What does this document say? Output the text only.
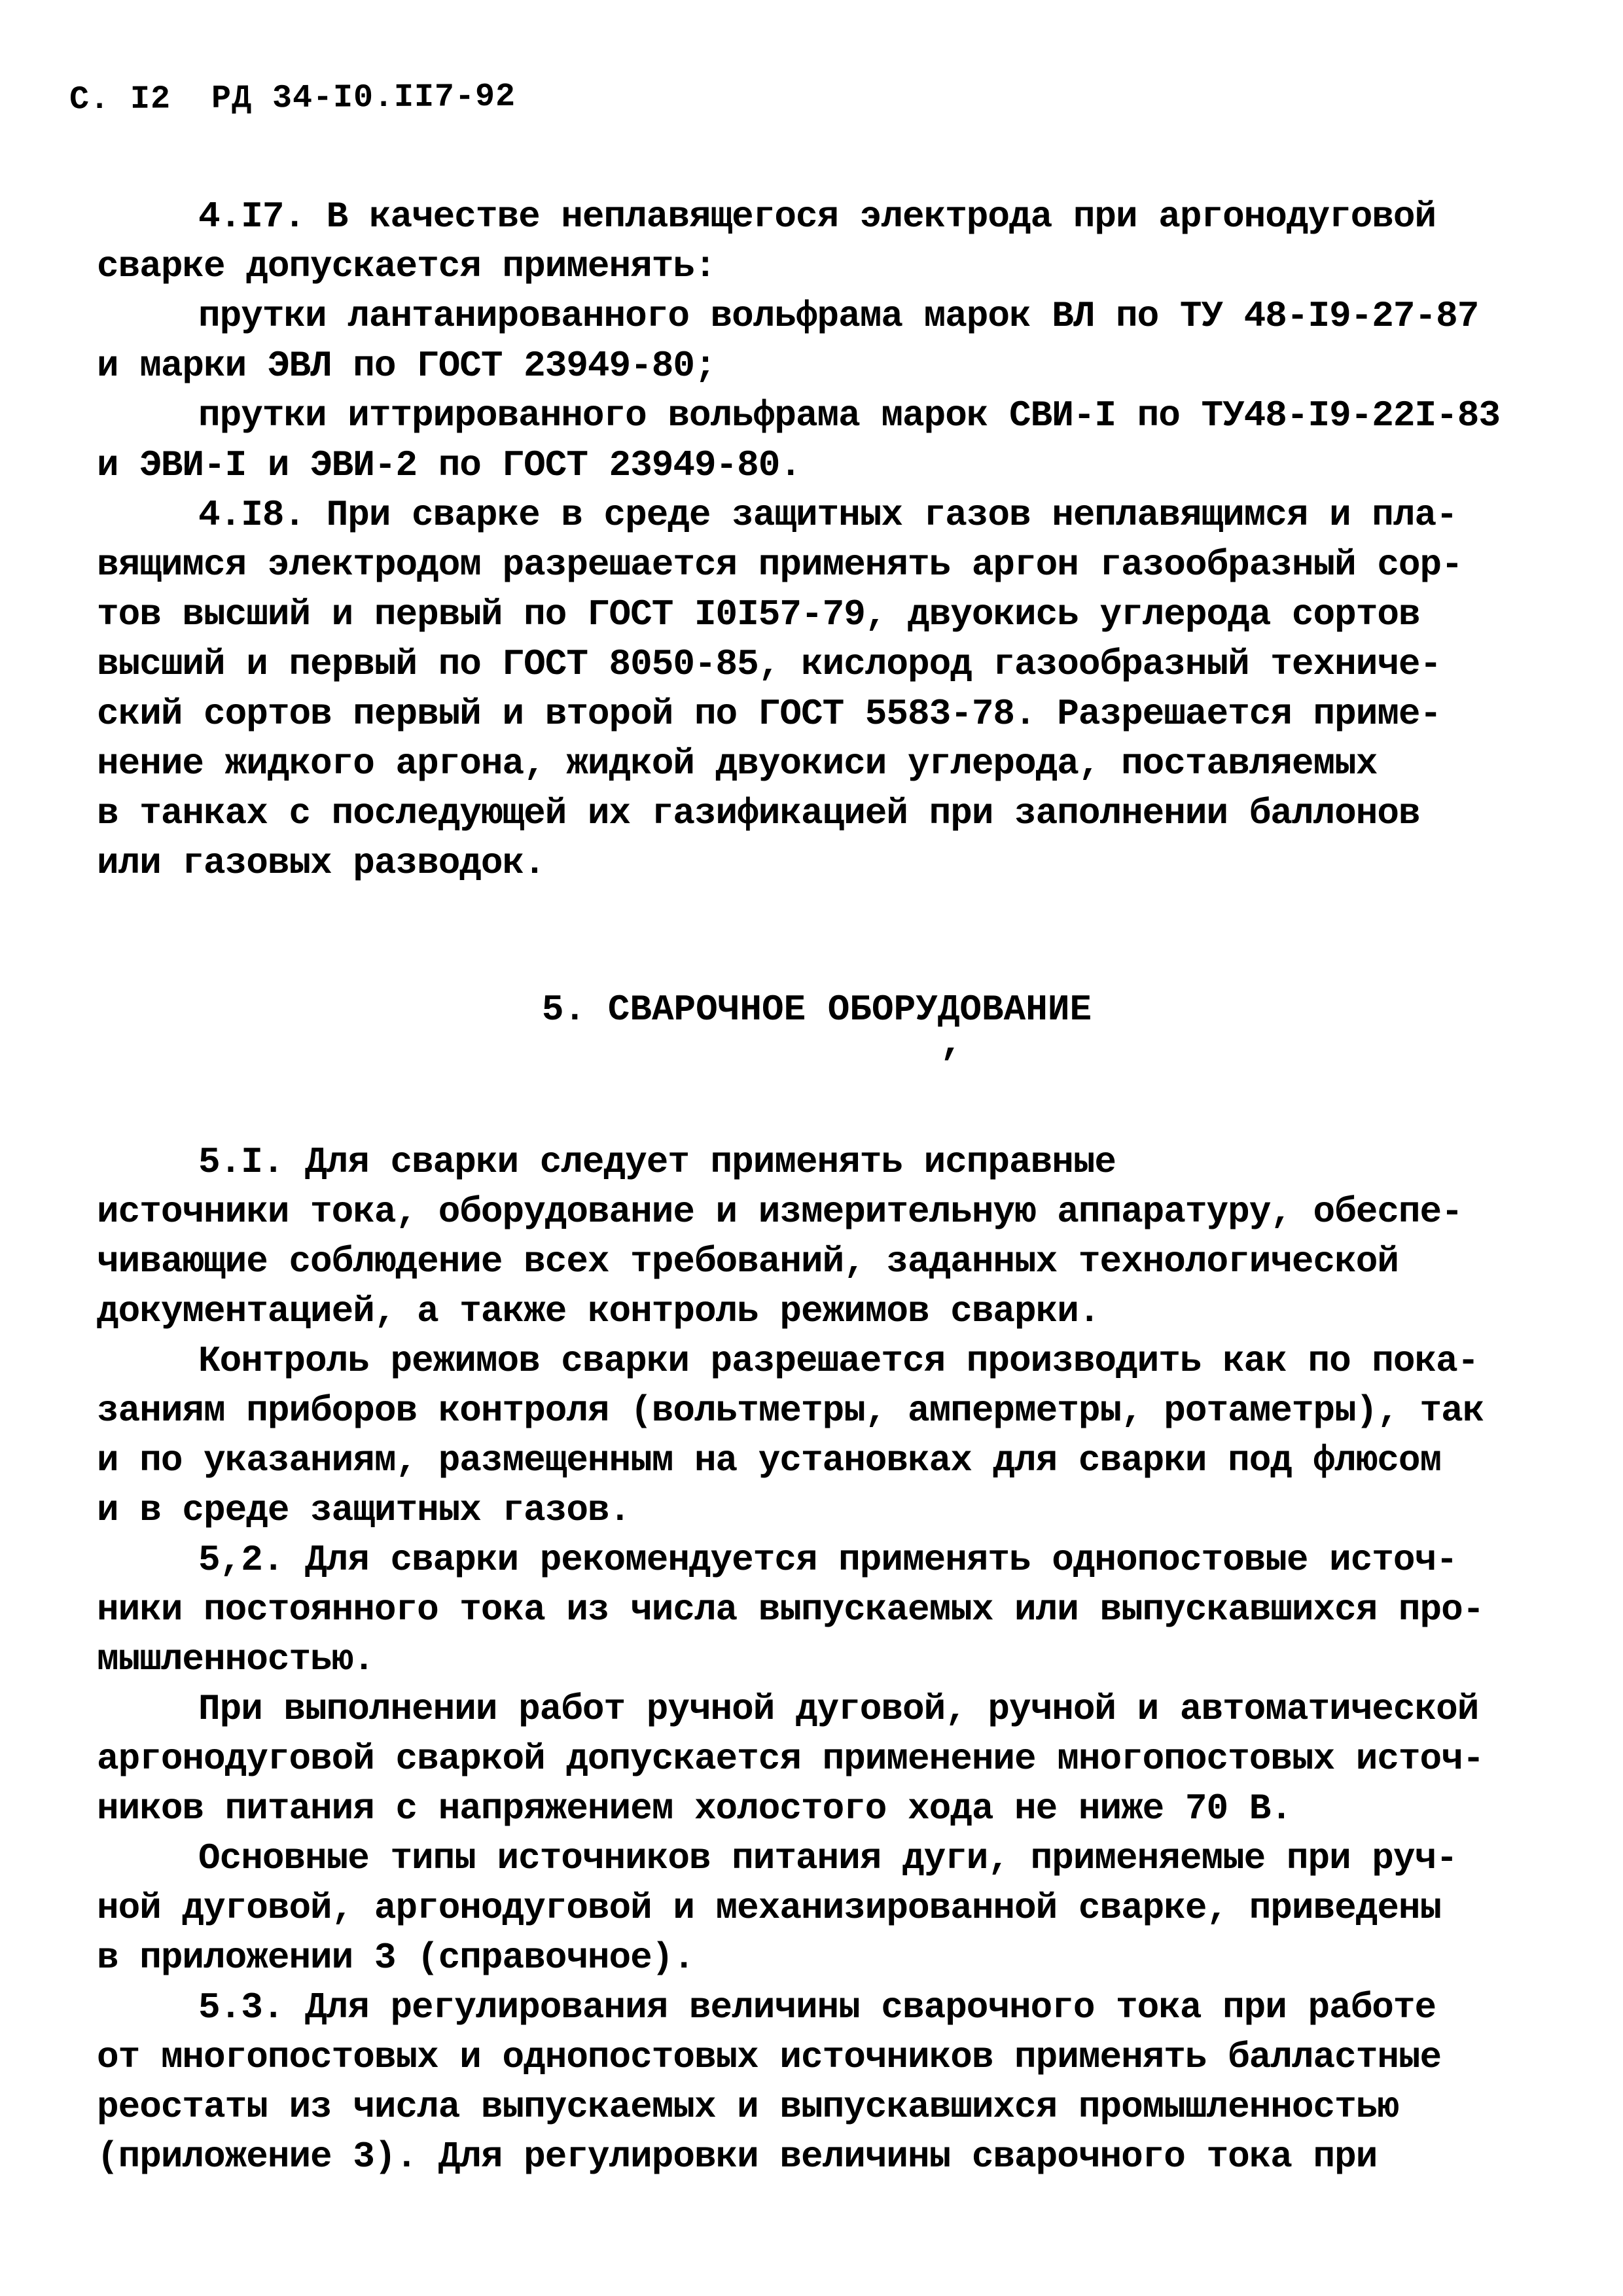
С. I2  РД 34-I0.II7-92
4.I7. В качестве неплавящегося электрода при аргонодуговой
сварке допускается применять:
прутки лантанированного вольфрама марок ВЛ по ТУ 48-I9-27-87
и марки ЭВЛ по ГОСТ 23949-80;
прутки иттрированного вольфрама марок СВИ-I по ТУ48-I9-22I-83
и ЭВИ-I и ЭВИ-2 по ГОСТ 23949-80.
4.I8. При сварке в среде защитных газов неплавящимся и пла-
вящимся электродом разрешается применять аргон газообразный сор-
тов высший и первый по ГОСТ I0I57-79, двуокись углерода сортов
высший и первый по ГОСТ 8050-85, кислород газообразный техниче-
ский сортов первый и второй по ГОСТ 5583-78. Разрешается приме-
нение жидкого аргона, жидкой двуокиси углерода, поставляемых
в танках с последующей их газификацией при заполнении баллонов
или газовых разводок.
5. СВАРОЧНОЕ ОБОРУДОВАНИЕ
,
5.I. Для сварки следует применять исправные
источники тока, оборудование и измерительную аппаратуру, обеспе-
чивающие соблюдение всех требований, заданных технологической
документацией, а также контроль режимов сварки.
Контроль режимов сварки разрешается производить как по пока-
заниям приборов контроля (вольтметры, амперметры, ротаметры), так
и по указаниям, размещенным на установках для сварки под флюсом
и в среде защитных газов.
5,2. Для сварки рекомендуется применять однопостовые источ-
ники постоянного тока из числа выпускаемых или выпускавшихся про-
мышленностью.
При выполнении работ ручной дуговой, ручной и автоматической
аргонодуговой сваркой допускается применение многопостовых источ-
ников питания с напряжением холостого хода не ниже 70 В.
Основные типы источников питания дуги, применяемые при руч-
ной дуговой, аргонодуговой и механизированной сварке, приведены
в приложении 3 (справочное).
5.3. Для регулирования величины сварочного тока при работе
от многопостовых и однопостовых источников применять балластные
реостаты из числа выпускаемых и выпускавшихся промышленностью
(приложение 3). Для регулировки величины сварочного тока при
